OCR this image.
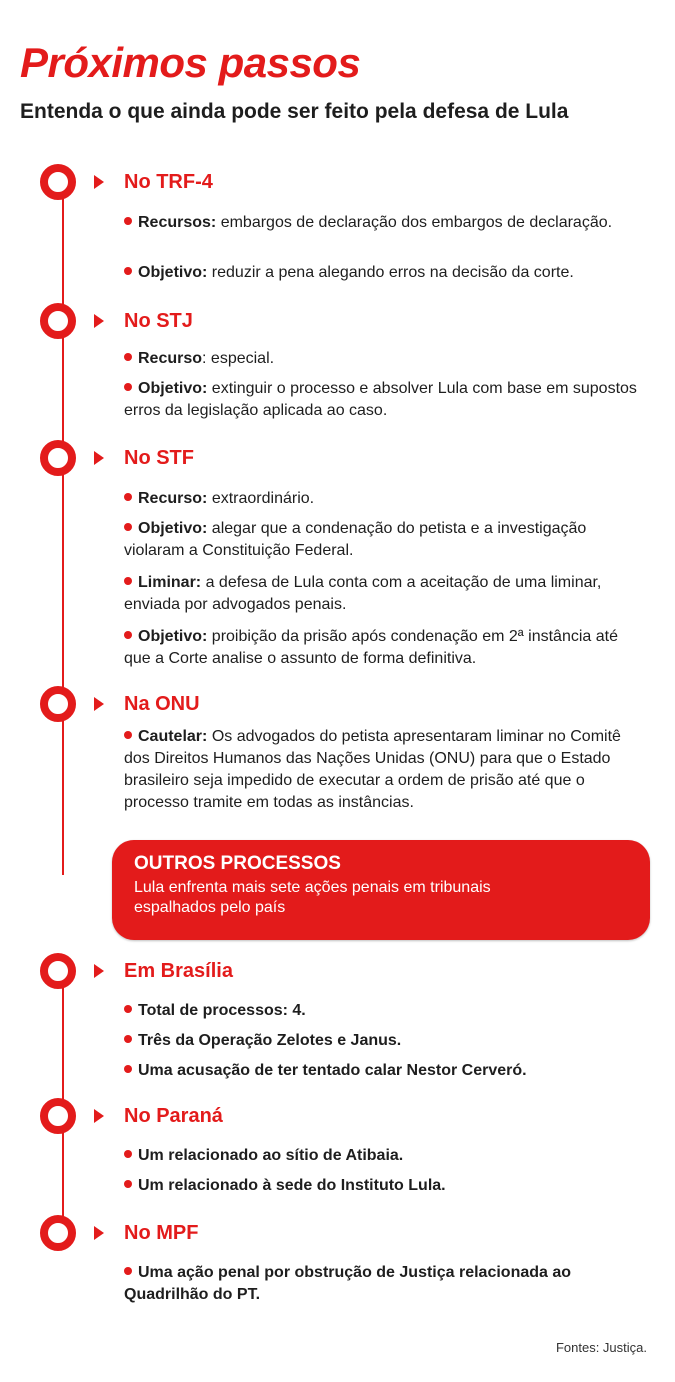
Próximos passos
Entenda o que ainda pode ser feito pela defesa de Lula
No TRF-4
Recursos: embargos de declaração dos embargos de declaração.
Objetivo: reduzir a pena alegando erros na decisão da corte.
No STJ
Recurso: especial.
Objetivo: extinguir o processo e absolver Lula com base em supostos erros da legislação aplicada ao caso.
No STF
Recurso: extraordinário.
Objetivo: alegar que a condenação do petista e a investigação violaram a Constituição Federal.
Liminar: a defesa de Lula conta com a aceitação de uma liminar, enviada por advogados penais.
Objetivo: proibição da prisão após condenação em 2ª instância até que a Corte analise o assunto de forma definitiva.
Na ONU
Cautelar: Os advogados do petista apresentaram liminar no Comitê dos Direitos Humanos das Nações Unidas (ONU) para que o Estado brasileiro seja impedido de executar a ordem de prisão até que o processo tramite em todas as instâncias.
OUTROS PROCESSOS
Lula enfrenta mais sete ações penais em tribunais espalhados pelo país
Em Brasília
Total de processos: 4.
Três da Operação Zelotes e Janus.
Uma acusação de ter tentado calar Nestor Cerveró.
No Paraná
Um relacionado ao sítio de Atibaia.
Um relacionado à sede do Instituto Lula.
No MPF
Uma ação penal por obstrução de Justiça relacionada ao Quadrilhão do PT.
Fontes: Justiça.
